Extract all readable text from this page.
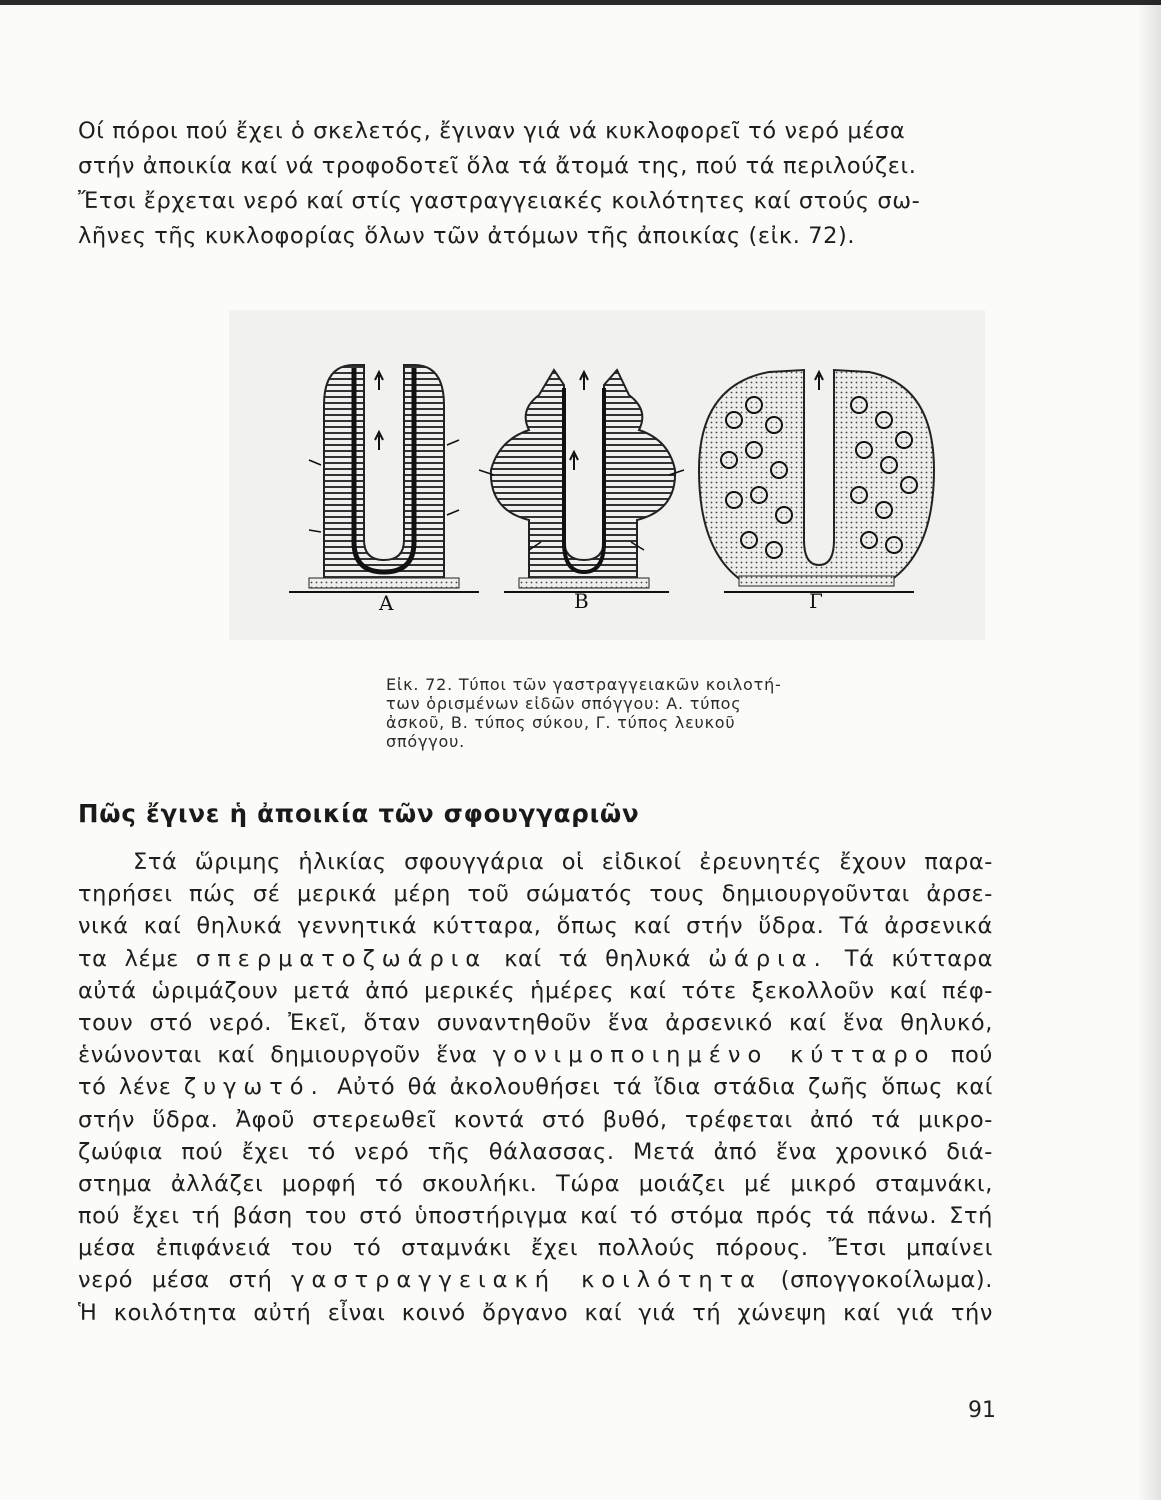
Οί πόροι πού ἔχει ὁ σκελετός, ἔγιναν γιά νά κυκλοφορεῖ τό νερό μέσα
στήν ἀποικία καί νά τροφοδοτεῖ ὅλα τά ἄτομά της, πού τά περιλούζει.
Ἔτσι ἔρχεται νερό καί στίς γαστραγγειακές κοιλότητες καί στούς σω-
λῆνες τῆς κυκλοφορίας ὅλων τῶν ἀτόμων τῆς ἀποικίας (εἰκ. 72).
Α	Β	Γ
Εἰκ. 72. Τύποι τῶν γαστραγγειακῶν κοιλοτή-
των ὁρισμένων εἰδῶν σπόγγου: Α. τύπος
ἀσκοῦ, Β. τύπος σύκου, Γ. τύπος λευκοῦ
σπόγγου.
Πῶς ἔγινε ἡ ἀποικία τῶν σφουγγαριῶν
Στά ὥριμης ἡλικίας σφουγγάρια οἱ εἰδικοί ἐρευνητές ἔχουν παρα-
τηρήσει πώς σέ μερικά μέρη τοῦ σώματός τους δημιουργοῦνται ἀρσε-
νικά καί θηλυκά γεννητικά κύτταρα, ὅπως καί στήν ὕδρα. Τά ἀρσενικά
τα λέμε σπερματοζωάρια καί τά θηλυκά ὠάρια. Τά κύτταρα
αὐτά ὡριμάζουν μετά ἀπό μερικές ἡμέρες καί τότε ξεκολλοῦν καί πέφ-
τουν στό νερό. Ἐκεῖ, ὅταν συναντηθοῦν ἕνα ἀρσενικό καί ἕνα θηλυκό,
ἑνώνονται καί δημιουργοῦν ἕνα γονιμοποιημένο κύτταρο πού
τό λένε ζυγωτό. Αὐτό θά ἀκολουθήσει τά ἴδια στάδια ζωῆς ὅπως καί
στήν ὕδρα. Ἀφοῦ στερεωθεῖ κοντά στό βυθό, τρέφεται ἀπό τά μικρο-
ζωύφια πού ἔχει τό νερό τῆς θάλασσας. Μετά ἀπό ἕνα χρονικό διά-
στημα ἀλλάζει μορφή τό σκουλήκι. Τώρα μοιάζει μέ μικρό σταμνάκι,
πού ἔχει τή βάση του στό ὑποστήριγμα καί τό στόμα πρός τά πάνω. Στή
μέσα ἐπιφάνειά του τό σταμνάκι ἔχει πολλούς πόρους. Ἔτσι μπαίνει
νερό μέσα στή γαστραγγειακή κοιλότητα (σπογγοκοίλωμα).
Ἡ κοιλότητα αὐτή εἶναι κοινό ὄργανο καί γιά τή χώνεψη καί γιά τήν
91
